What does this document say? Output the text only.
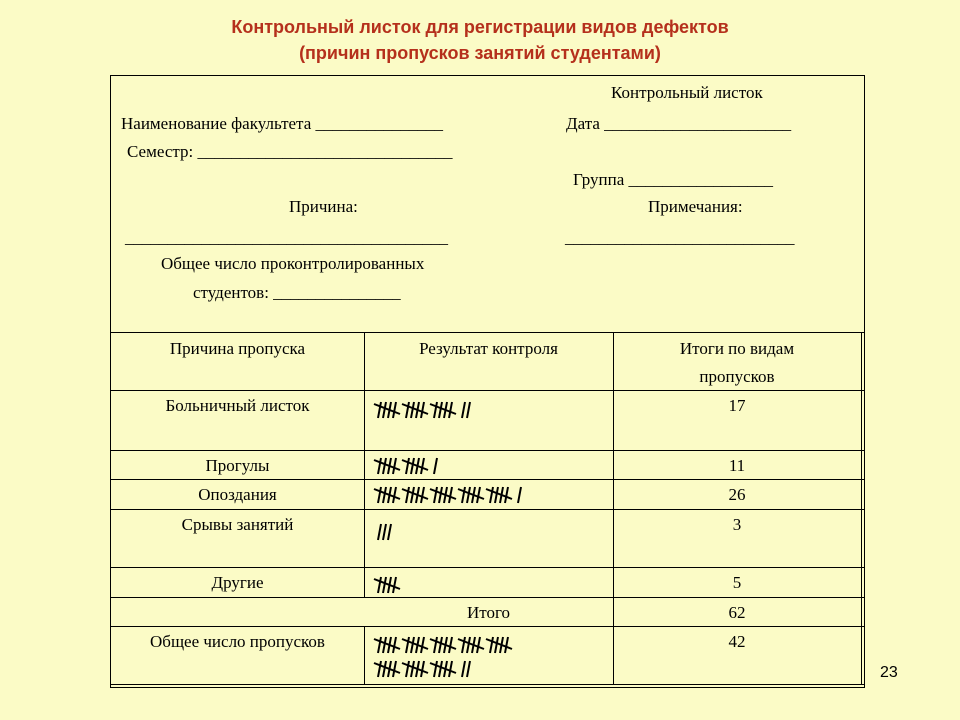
Контрольный листок для регистрации видов дефектов
(причин пропусков занятий студентами)
Контрольный листок
Наименование факультета _______________	Дата ______________________
Семестр: ______________________________
Группа _________________
Причина:	Примечания:
______________________________________	___________________________
Общее число проконтролированных
студентов: _______________
Причина пропуска	Результат контроля	Итоги по видам
пропусков
Больничный листок	17
Прогулы	11
Опоздания	26
Срывы занятий	3
Другие	5
Итого	62
Общее число пропусков	42
23
